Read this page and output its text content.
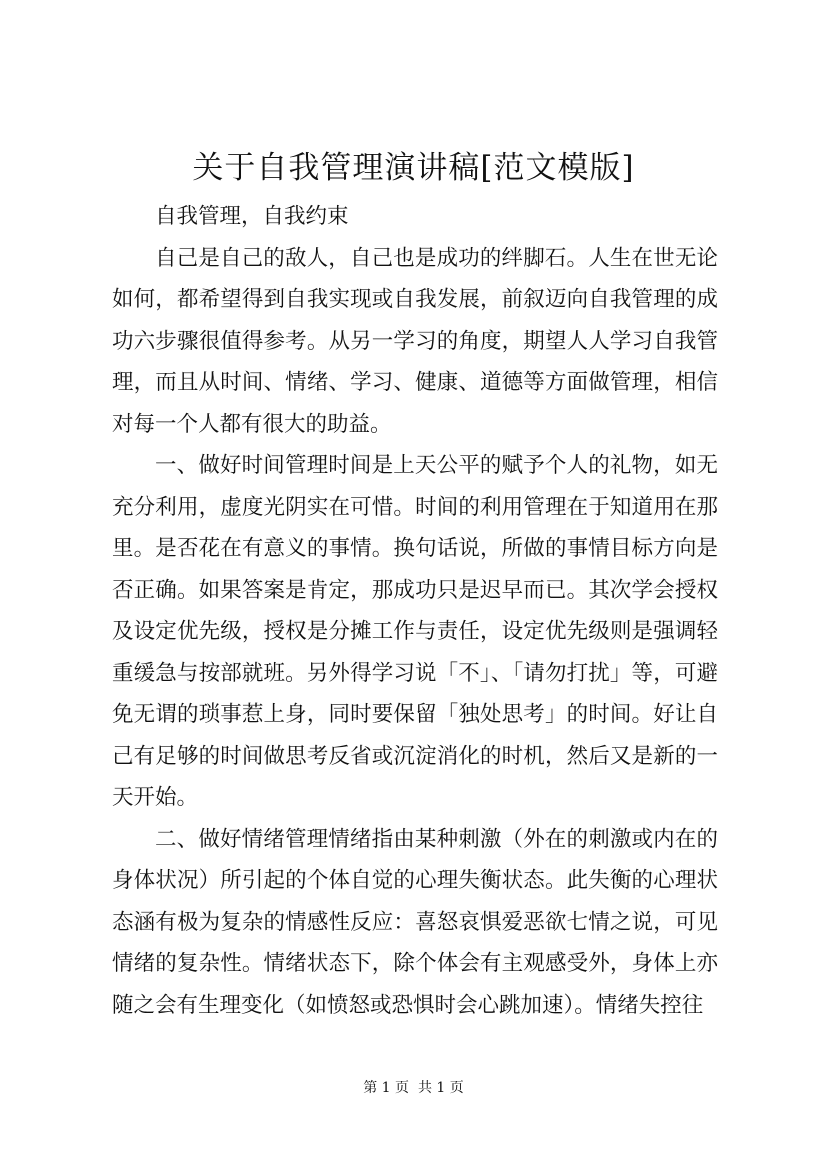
关于自我管理演讲稿[范文模版]

自我管理，自我约束

自己是自己的敌人，自己也是成功的绊脚石。人生在世无论如何，都希望得到自我实现或自我发展，前叙迈向自我管理的成功六步骤很值得参考。从另一学习的角度，期望人人学习自我管理，而且从时间、情绪、学习、健康、道德等方面做管理，相信对每一个人都有很大的助益。

一、做好时间管理时间是上天公平的赋予个人的礼物，如无充分利用，虚度光阴实在可惜。时间的利用管理在于知道用在那里。是否花在有意义的事情。换句话说，所做的事情目标方向是否正确。如果答案是肯定，那成功只是迟早而已。其次学会授权及设定优先级，授权是分摊工作与责任，设定优先级则是强调轻重缓急与按部就班。另外得学习说「不」、「请勿打扰」等，可避免无谓的琐事惹上身，同时要保留「独处思考」的时间。好让自己有足够的时间做思考反省或沉淀消化的时机，然后又是新的一天开始。

二、做好情绪管理情绪指由某种刺激（外在的刺激或内在的身体状况）所引起的个体自觉的心理失衡状态。此失衡的心理状态涵有极为复杂的情感性反应：喜怒哀惧爱恶欲七情之说，可见情绪的复杂性。情绪状态下，除个体会有主观感受外，身体上亦随之会有生理变化（如愤怒或恐惧时会心跳加速）。情绪失控往

第 1 页  共 1 页
